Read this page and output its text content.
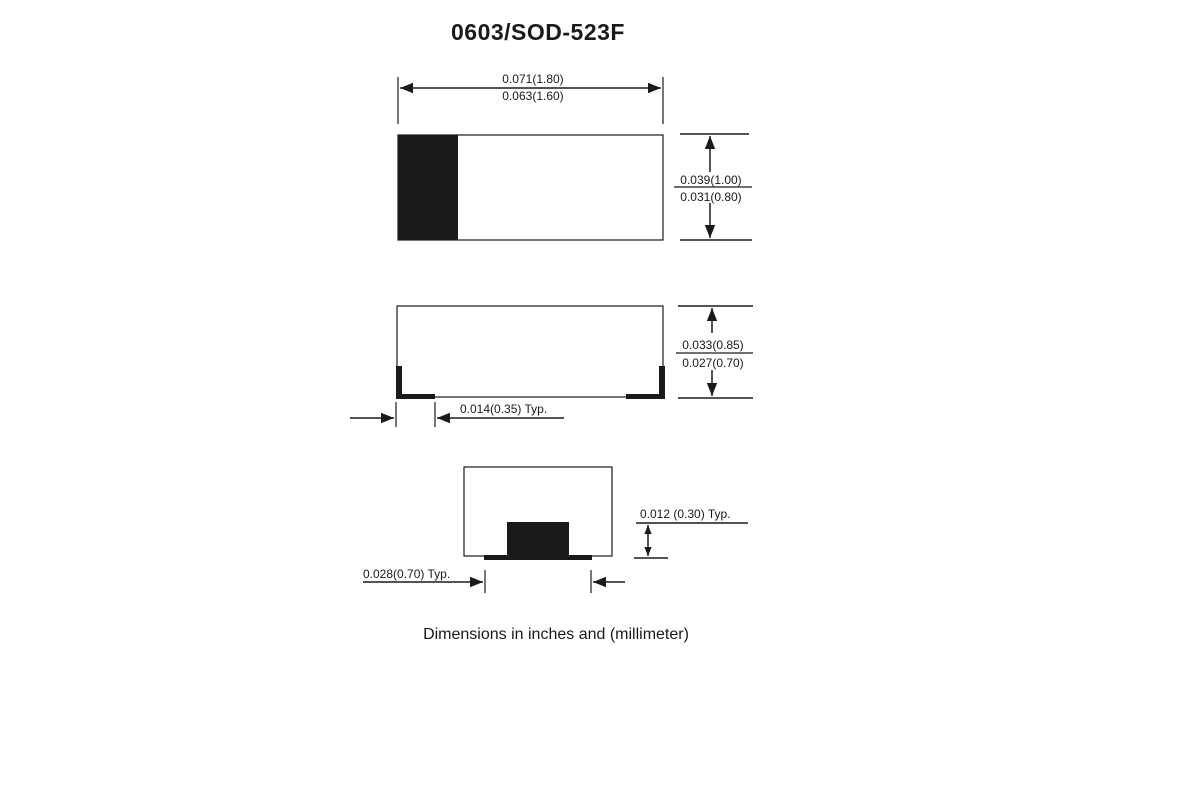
0603/SOD-523F
0.071(1.80)
0.063(1.60)
0.039(1.00)
0.031(0.80)
0.033(0.85)
0.027(0.70)
0.014(0.35) Typ.
0.012 (0.30) Typ.
0.028(0.70) Typ.
Dimensions in inches and (millimeter)
